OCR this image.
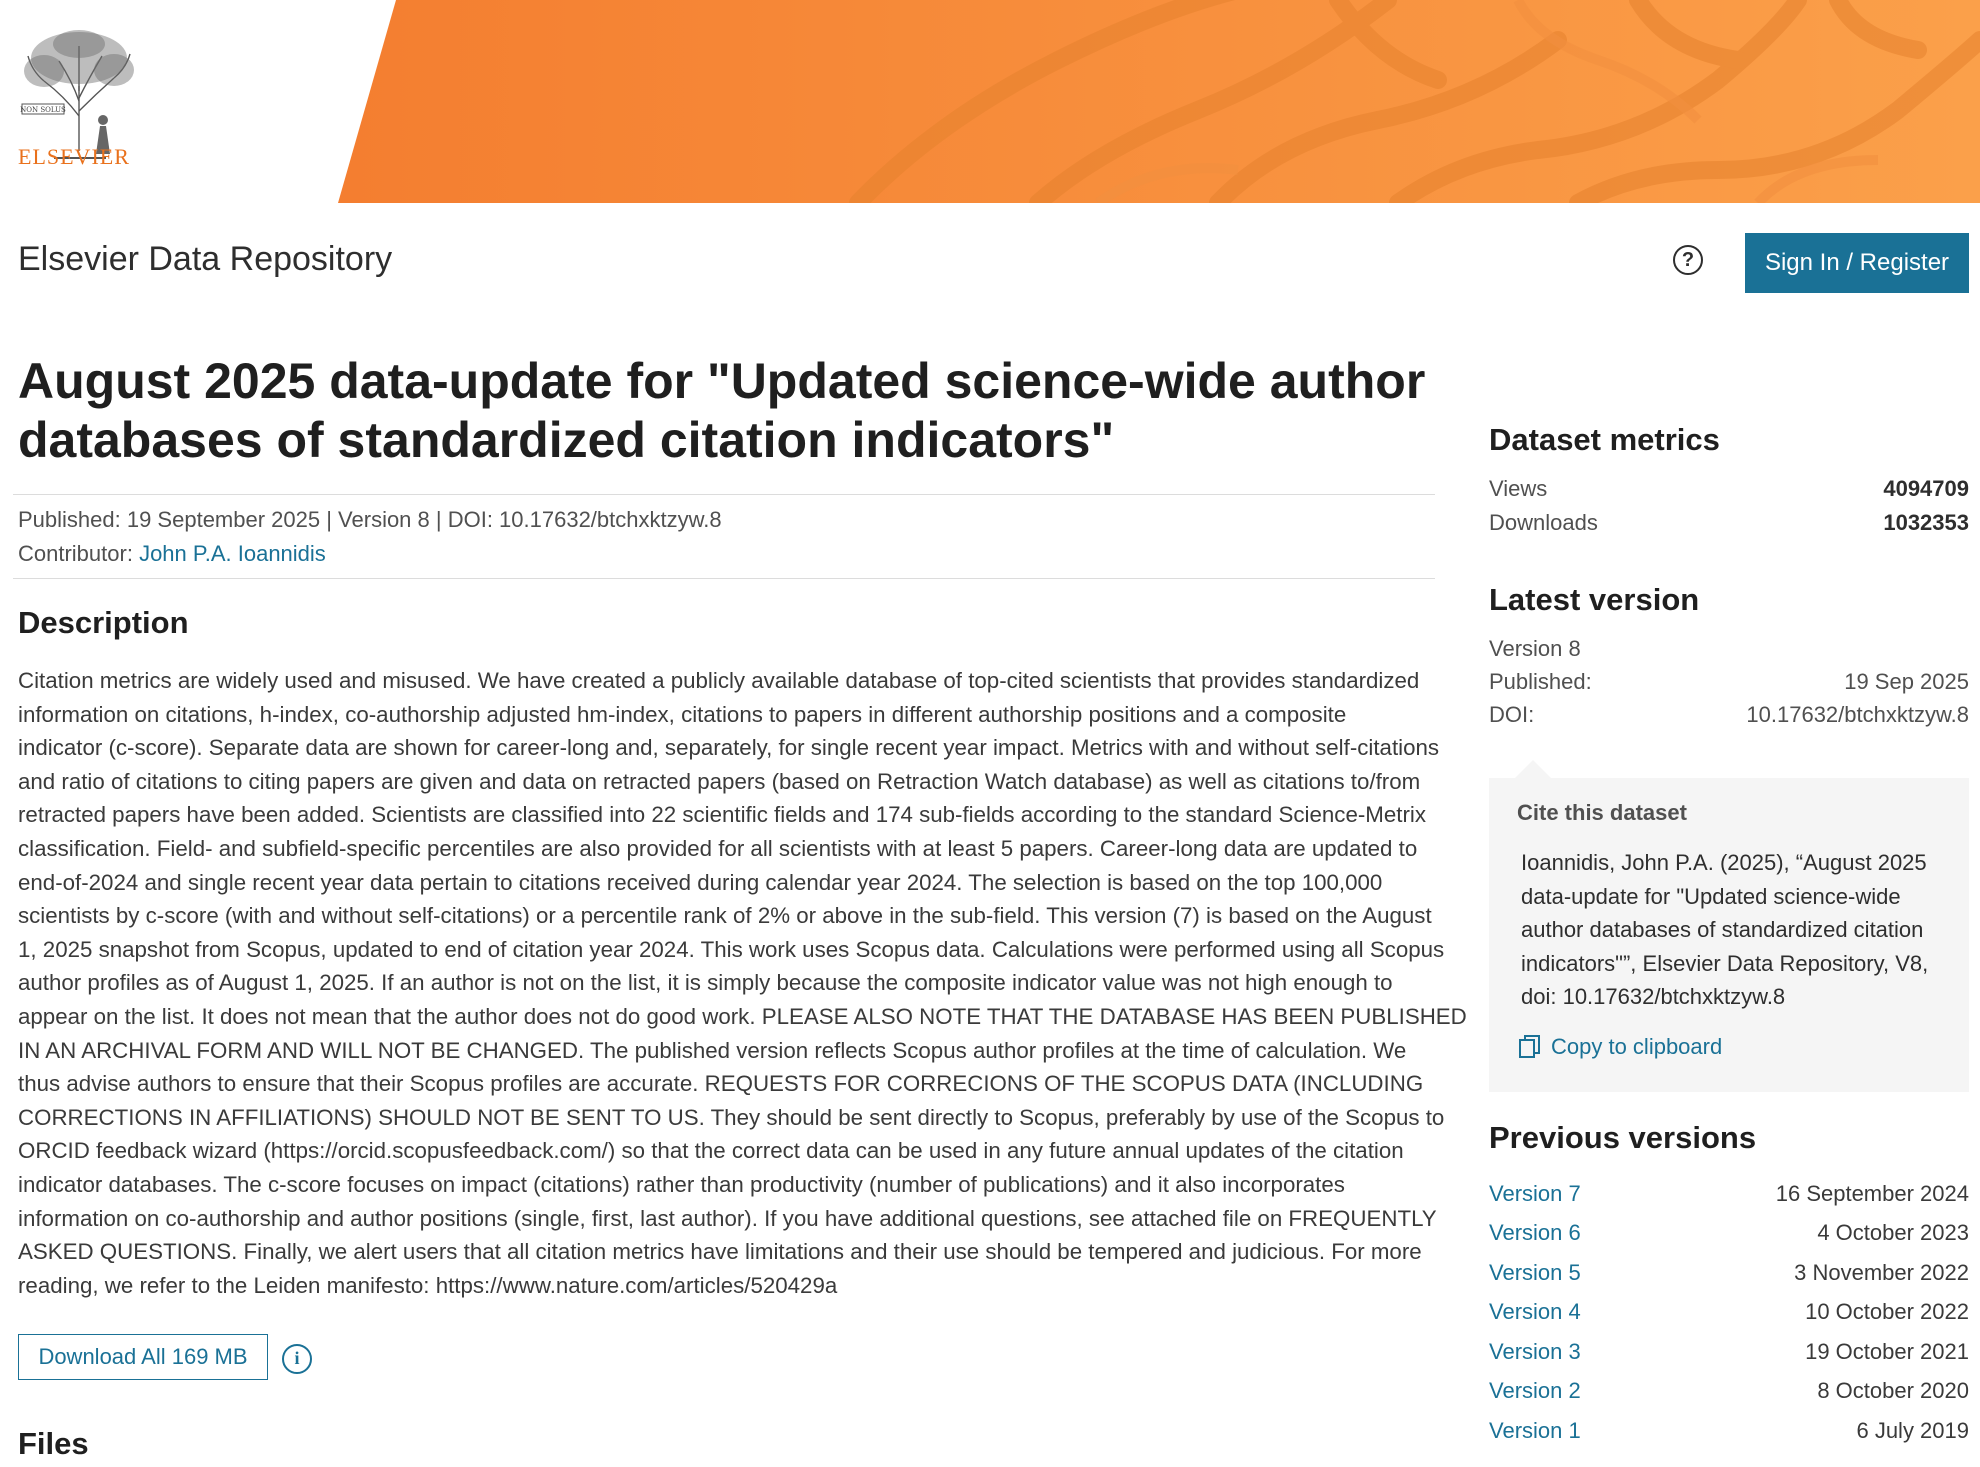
NON SOLUS
ELSEVIER
Elsevier Data Repository	?	Sign In / Register
August 2025 data-update for "Updated science-wide author databases of standardized citation indicators"
Published: 19 September 2025 | Version 8 | DOI: 10.17632/btchxktzyw.8
Contributor: John P.A. Ioannidis
Description
Citation metrics are widely used and misused. We have created a publicly available database of top-cited scientists that provides standardized
information on citations, h-index, co-authorship adjusted hm-index, citations to papers in different authorship positions and a composite
indicator (c-score). Separate data are shown for career-long and, separately, for single recent year impact. Metrics with and without self-citations
and ratio of citations to citing papers are given and data on retracted papers (based on Retraction Watch database) as well as citations to/from
retracted papers have been added. Scientists are classified into 22 scientific fields and 174 sub-fields according to the standard Science-Metrix
classification. Field- and subfield-specific percentiles are also provided for all scientists with at least 5 papers. Career-long data are updated to
end-of-2024 and single recent year data pertain to citations received during calendar year 2024. The selection is based on the top 100,000
scientists by c-score (with and without self-citations) or a percentile rank of 2% or above in the sub-field. This version (7) is based on the August
1, 2025 snapshot from Scopus, updated to end of citation year 2024. This work uses Scopus data. Calculations were performed using all Scopus
author profiles as of August 1, 2025. If an author is not on the list, it is simply because the composite indicator value was not high enough to
appear on the list. It does not mean that the author does not do good work. PLEASE ALSO NOTE THAT THE DATABASE HAS BEEN PUBLISHED
IN AN ARCHIVAL FORM AND WILL NOT BE CHANGED. The published version reflects Scopus author profiles at the time of calculation. We
thus advise authors to ensure that their Scopus profiles are accurate. REQUESTS FOR CORRECIONS OF THE SCOPUS DATA (INCLUDING
CORRECTIONS IN AFFILIATIONS) SHOULD NOT BE SENT TO US. They should be sent directly to Scopus, preferably by use of the Scopus to
ORCID feedback wizard (https://orcid.scopusfeedback.com/) so that the correct data can be used in any future annual updates of the citation
indicator databases. The c-score focuses on impact (citations) rather than productivity (number of publications) and it also incorporates
information on co-authorship and author positions (single, first, last author). If you have additional questions, see attached file on FREQUENTLY
ASKED QUESTIONS. Finally, we alert users that all citation metrics have limitations and their use should be tempered and judicious. For more
reading, we refer to the Leiden manifesto: https://www.nature.com/articles/520429a
Download All 169 MB	i
Files
Dataset metrics
Views	4094709
Downloads	1032353
Latest version
Version 8
Published:	19 Sep 2025
DOI:	10.17632/btchxktzyw.8
Cite this dataset
Ioannidis, John P.A. (2025), “August 2025
data-update for "Updated science-wide
author databases of standardized citation
indicators"”, Elsevier Data Repository, V8,
doi: 10.17632/btchxktzyw.8
Copy to clipboard
Previous versions
Version 7	16 September 2024
Version 6	4 October 2023
Version 5	3 November 2022
Version 4	10 October 2022
Version 3	19 October 2021
Version 2	8 October 2020
Version 1	6 July 2019
